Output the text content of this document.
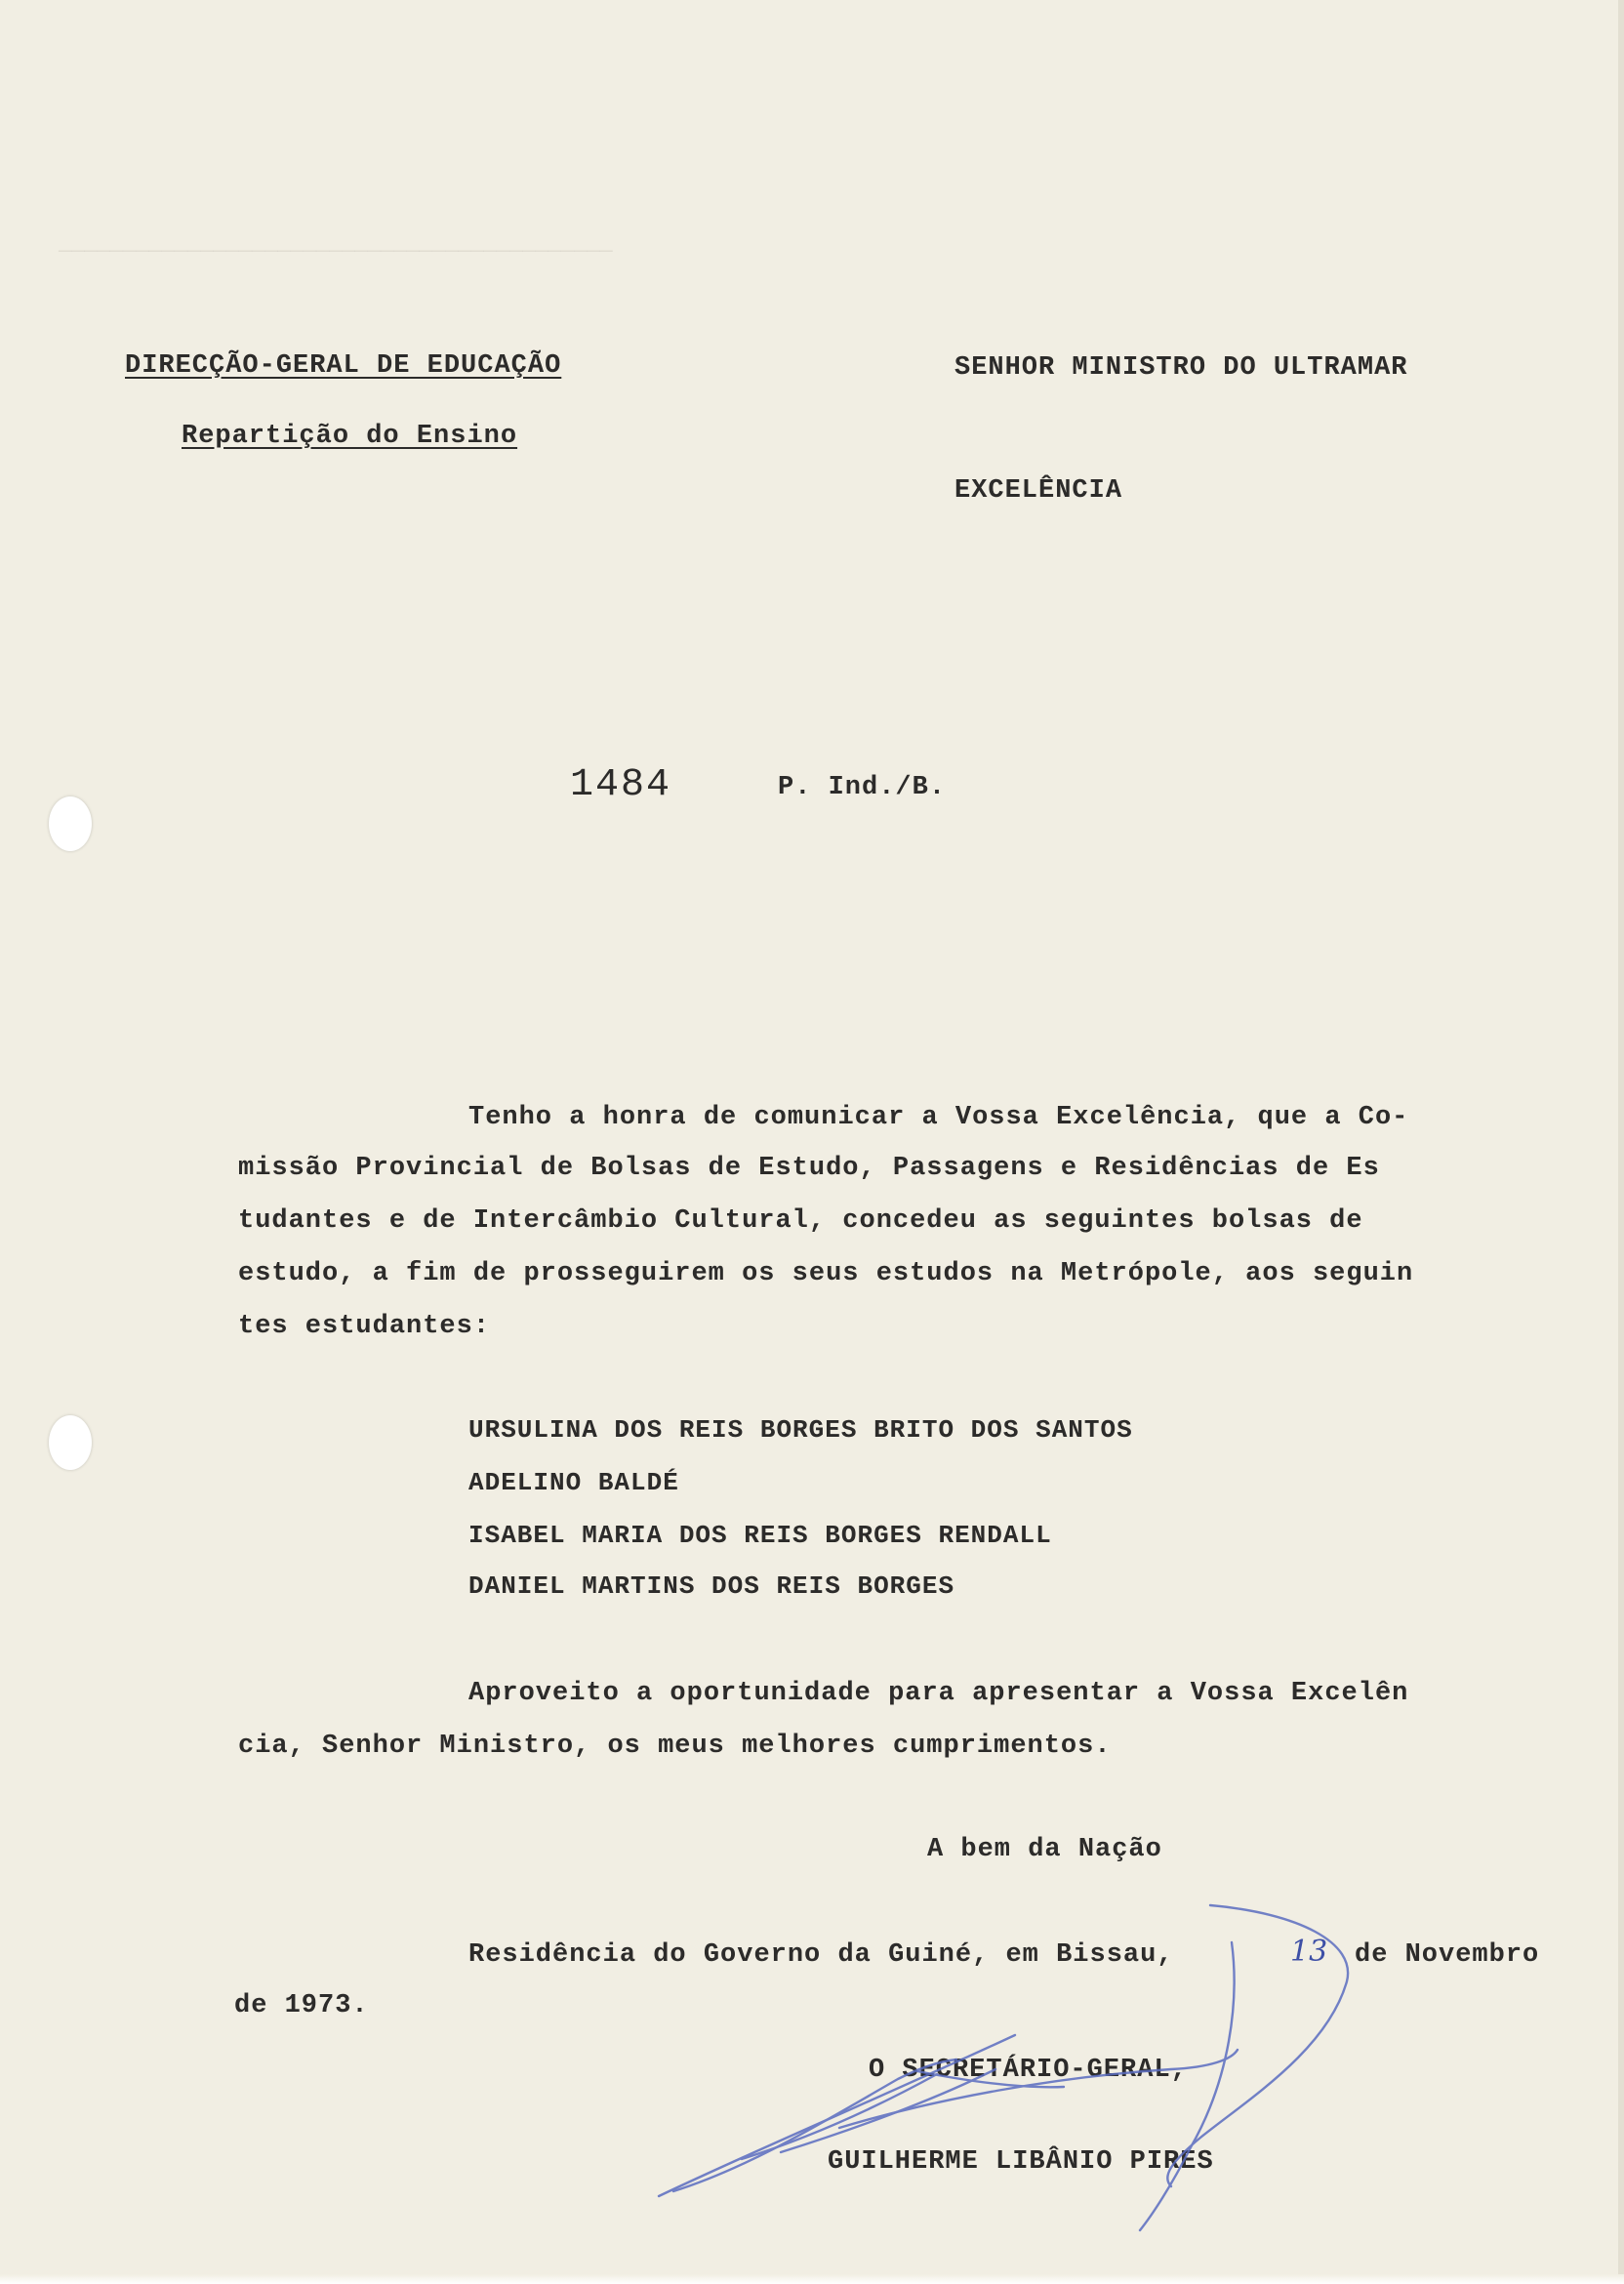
———————————————————————————————————————————
DIRECÇÃO-GERAL DE EDUCAÇÃO
Repartição do Ensino
SENHOR MINISTRO DO ULTRAMAR
EXCELÊNCIA
1484	P. Ind./B.
Tenho a honra de comunicar a Vossa Excelência, que a Co-
missão Provincial de Bolsas de Estudo, Passagens e Residências de Es
tudantes e de Intercâmbio Cultural, concedeu as seguintes bolsas de
estudo, a fim de prosseguirem os seus estudos na Metrópole, aos seguin
tes estudantes:
URSULINA DOS REIS BORGES BRITO DOS SANTOS
ADELINO BALDÉ
ISABEL MARIA DOS REIS BORGES RENDALL
DANIEL MARTINS DOS REIS BORGES
Aproveito a oportunidade para apresentar a Vossa Excelên
cia, Senhor Ministro, os meus melhores cumprimentos.
A bem da Nação
Residência do Governo da Guiné, em Bissau,	13 de Novembro
de 1973.
O SECRETÁRIO-GERAL,
GUILHERME LIBÂNIO PIRES
